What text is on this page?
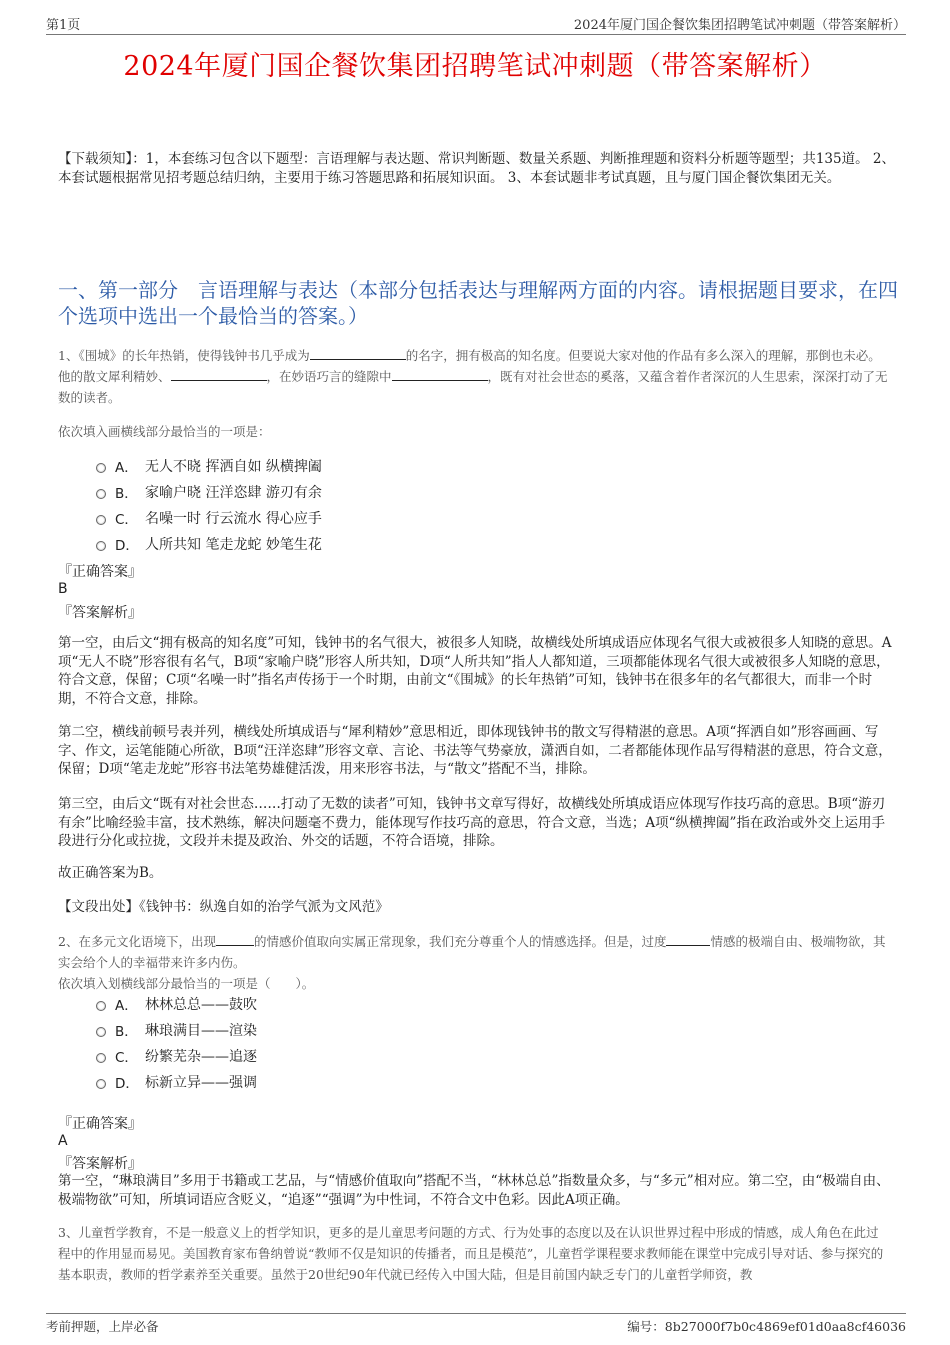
第1页	2024年厦门国企餐饮集团招聘笔试冲刺题（带答案解析）
2024年厦门国企餐饮集团招聘笔试冲刺题（带答案解析）
【下载须知】：1，本套练习包含以下题型：言语理解与表达题、常识判断题、数量关系题、判断推理题和资料分析题等题型；共135道。 2、本套试题根据常见招考题总结归纳，主要用于练习答题思路和拓展知识面。 3、本套试题非考试真题，且与厦门国企餐饮集团无关。
一、第一部分　言语理解与表达（本部分包括表达与理解两方面的内容。请根据题目要求，在四个选项中选出一个最恰当的答案。）
1、《围城》的长年热销，使得钱钟书几乎成为	的名字，拥有极高的知名度。但要说大家对他的作品有多么深入的理解，那倒也未必。他的散文犀利精妙、	，在妙语巧言的缝隙中	，既有对社会世态的奚落，又蕴含着作者深沉的人生思索，深深打动了无数的读者。
依次填入画横线部分最恰当的一项是：
A． 无人不晓 挥洒自如 纵横捭阖
B． 家喻户晓 汪洋恣肆 游刃有余
C． 名噪一时 行云流水 得心应手
D． 人所共知 笔走龙蛇 妙笔生花
『正确答案』
B
『答案解析』
第一空，由后文“拥有极高的知名度”可知，钱钟书的名气很大，被很多人知晓，故横线处所填成语应体现名气很大或被很多人知晓的意思。A项“无人不晓”形容很有名气，B项“家喻户晓”形容人所共知，D项“人所共知”指人人都知道，三项都能体现名气很大或被很多人知晓的意思，符合文意，保留；C项“名噪一时”指名声传扬于一个时期，由前文“《围城》的长年热销”可知，钱钟书在很多年的名气都很大，而非一个时期，不符合文意，排除。
第二空，横线前顿号表并列，横线处所填成语与“犀利精妙”意思相近，即体现钱钟书的散文写得精湛的意思。A项“挥洒自如”形容画画、写字、作文，运笔能随心所欲，B项“汪洋恣肆”形容文章、言论、书法等气势豪放，潇洒自如，二者都能体现作品写得精湛的意思，符合文意，保留；D项“笔走龙蛇”形容书法笔势雄健活泼，用来形容书法，与“散文”搭配不当，排除。
第三空，由后文“既有对社会世态……打动了无数的读者”可知，钱钟书文章写得好，故横线处所填成语应体现写作技巧高的意思。B项“游刃有余”比喻经验丰富，技术熟练，解决问题毫不费力，能体现写作技巧高的意思，符合文意，当选；A项“纵横捭阖”指在政治或外交上运用手段进行分化或拉拢，文段并未提及政治、外交的话题，不符合语境，排除。
故正确答案为B。
【文段出处】《钱钟书：纵逸自如的治学气派为文风范》
2、在多元文化语境下，出现	的情感价值取向实属正常现象，我们充分尊重个人的情感选择。但是，过度	情感的极端自由、极端物欲，其实会给个人的幸福带来许多内伤。
依次填入划横线部分最恰当的一项是（　　）。
A． 林林总总——鼓吹
B． 琳琅满目——渲染
C． 纷繁芜杂——追逐
D． 标新立异——强调
『正确答案』
A
『答案解析』
第一空，“琳琅满目”多用于书籍或工艺品，与“情感价值取向”搭配不当，“林林总总”指数量众多，与“多元”相对应。第二空，由“极端自由、极端物欲”可知，所填词语应含贬义，“追逐”“强调”为中性词，不符合文中色彩。因此A项正确。
3、儿童哲学教育，不是一般意义上的哲学知识，更多的是儿童思考问题的方式、行为处事的态度以及在认识世界过程中形成的情感，成人角色在此过程中的作用显而易见。美国教育家布鲁纳曾说“教师不仅是知识的传播者，而且是模范”，儿童哲学课程要求教师能在课堂中完成引导对话、参与探究的基本职责，教师的哲学素养至关重要。虽然于20世纪90年代就已经传入中国大陆，但是目前国内缺乏专门的儿童哲学师资，教
考前押题，上岸必备	编号：8b27000f7b0c4869ef01d0aa8cf46036
